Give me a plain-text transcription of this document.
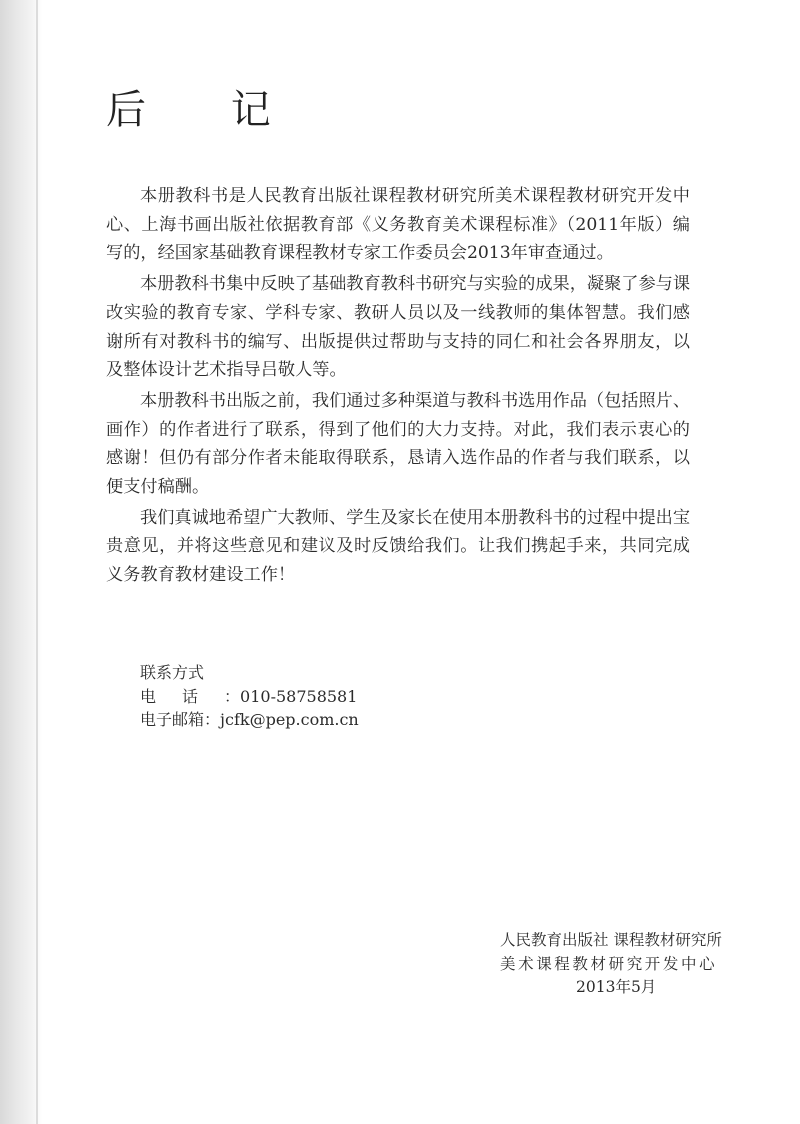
后 记

本册教科书是人民教育出版社课程教材研究所美术课程教材研究开发中心、上海书画出版社依据教育部《义务教育美术课程标准》（2011年版）编写的，经国家基础教育课程教材专家工作委员会2013年审查通过。

本册教科书集中反映了基础教育教科书研究与实验的成果，凝聚了参与课改实验的教育专家、学科专家、教研人员以及一线教师的集体智慧。我们感谢所有对教科书的编写、出版提供过帮助与支持的同仁和社会各界朋友，以及整体设计艺术指导吕敬人等。

本册教科书出版之前，我们通过多种渠道与教科书选用作品（包括照片、画作）的作者进行了联系，得到了他们的大力支持。对此，我们表示衷心的感谢！但仍有部分作者未能取得联系，恳请入选作品的作者与我们联系，以便支付稿酬。

我们真诚地希望广大教师、学生及家长在使用本册教科书的过程中提出宝贵意见，并将这些意见和建议及时反馈给我们。让我们携起手来，共同完成义务教育教材建设工作！

联系方式
电话：010-58758581
电子邮箱：jcfk@pep.com.cn
人民教育出版社 课程教材研究所
美术课程教材研究开发中心
2013年5月
